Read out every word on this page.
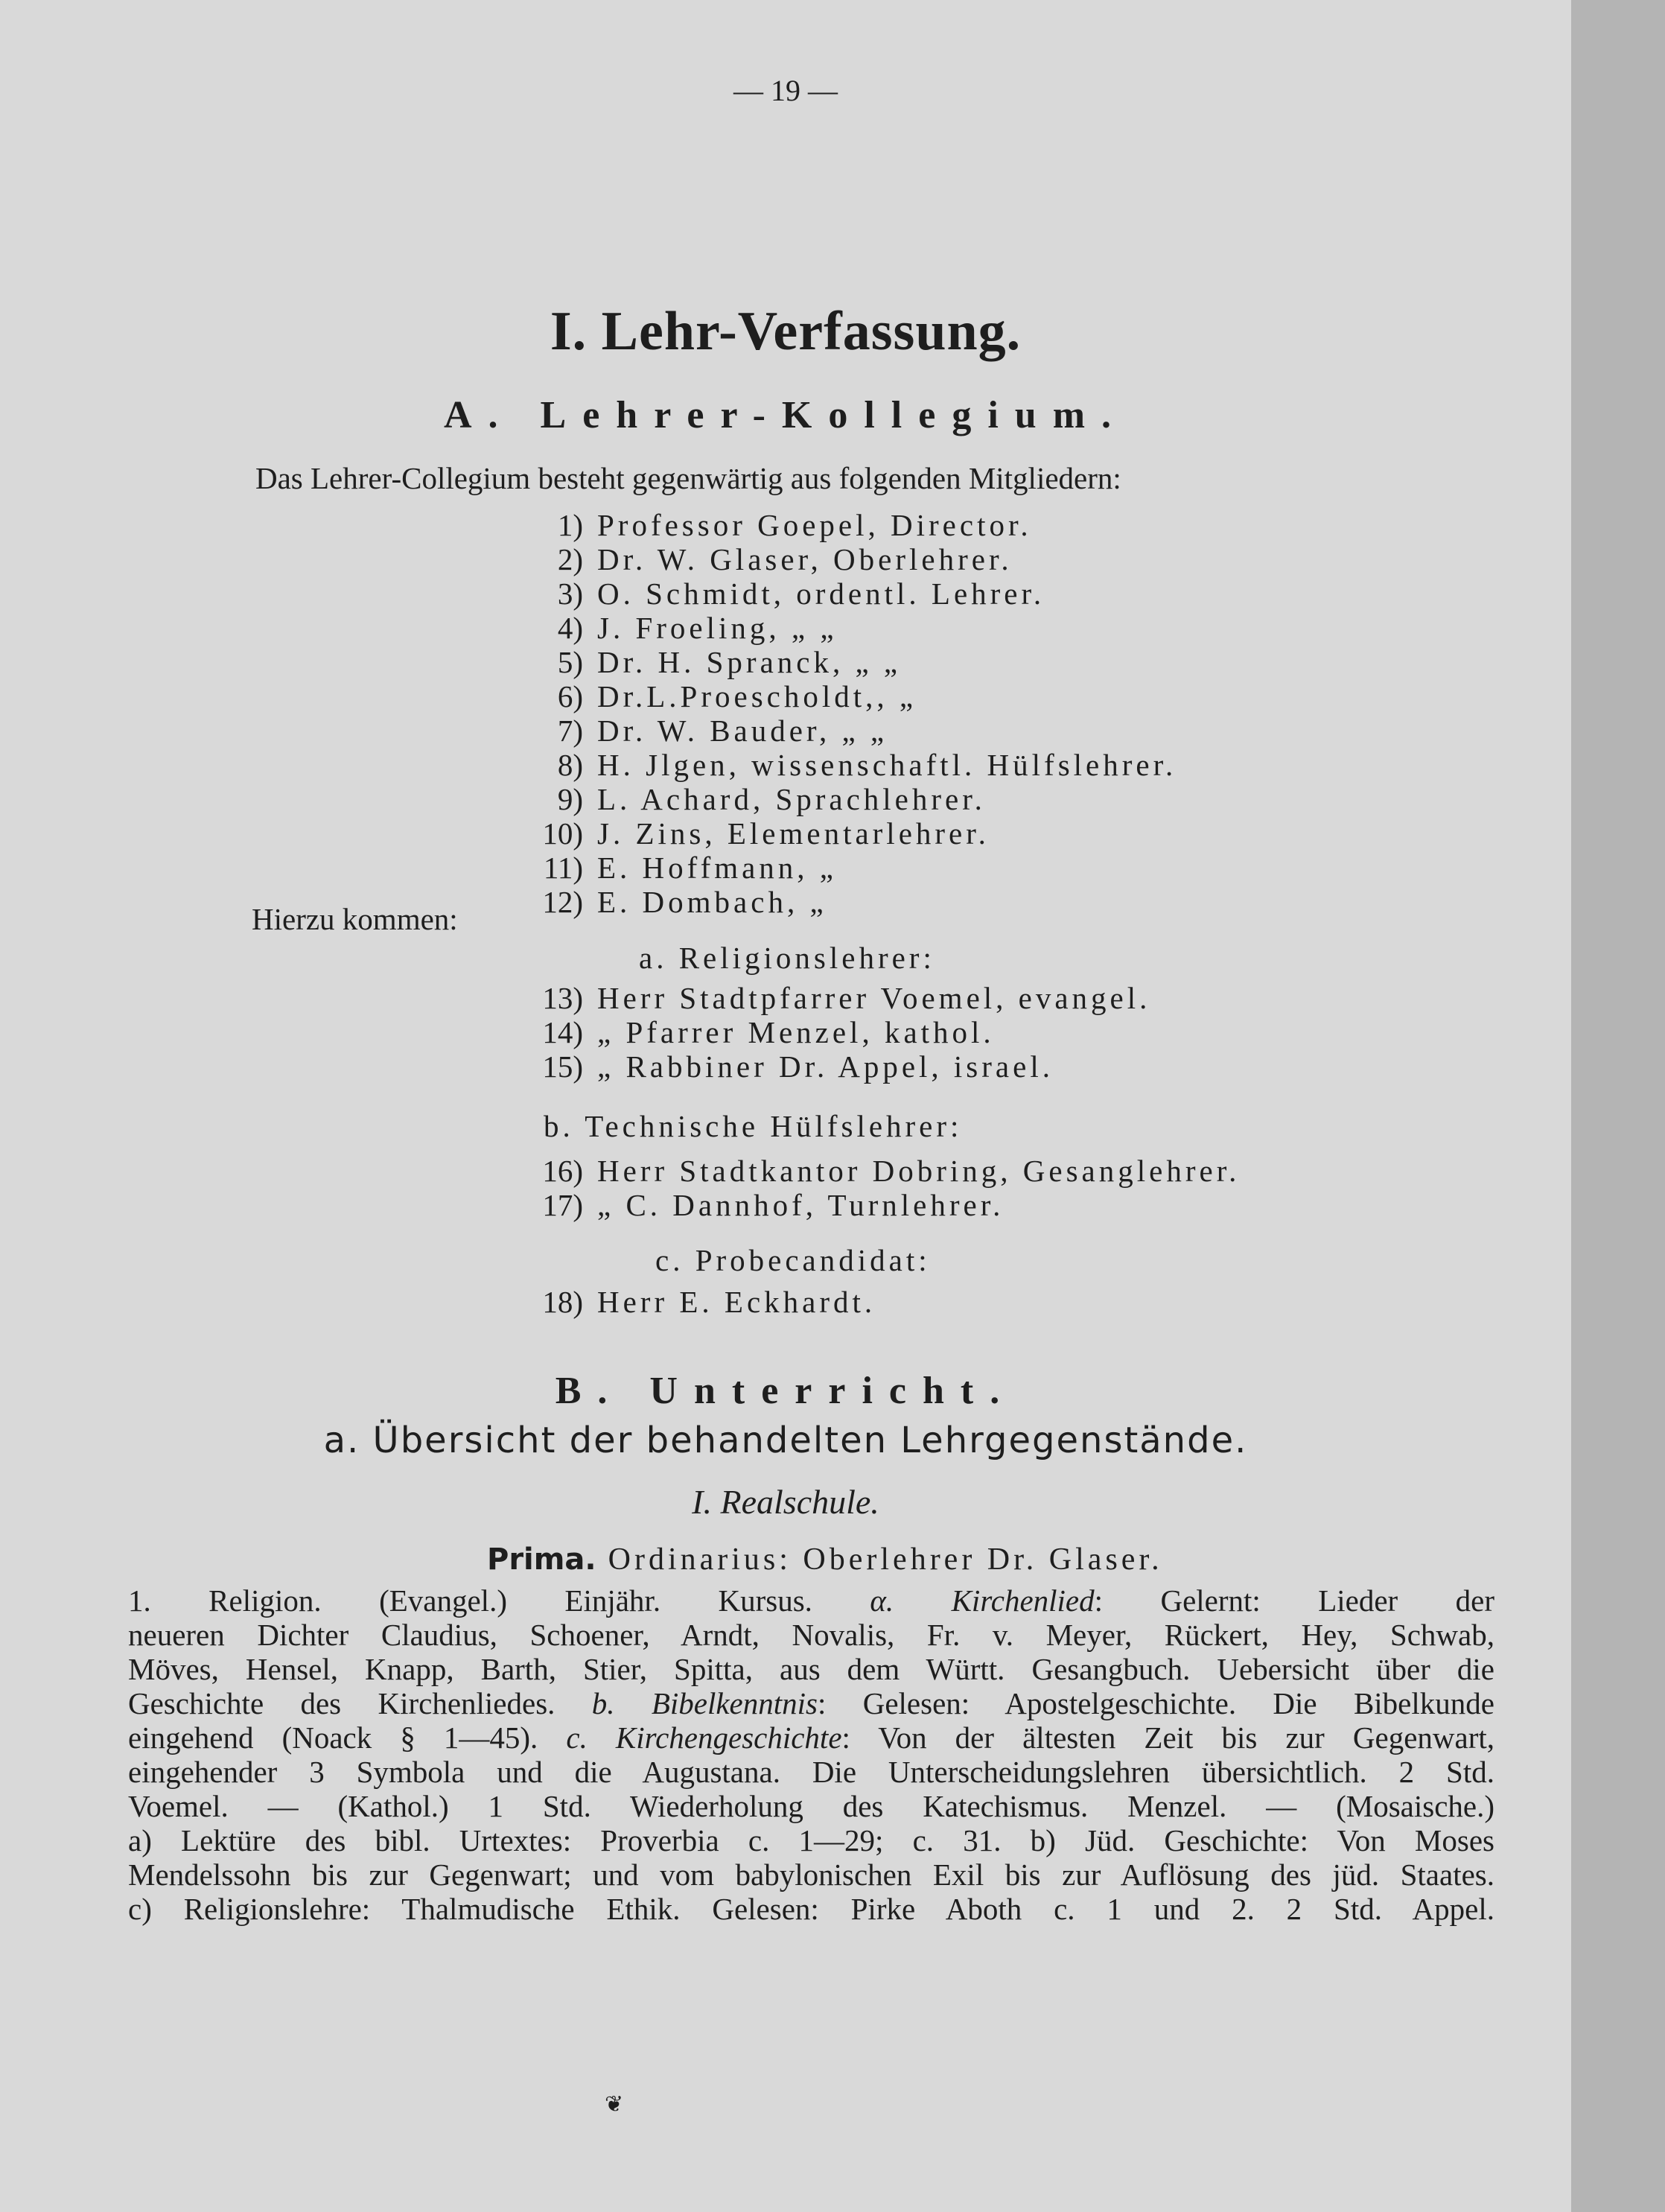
— 19 —
I. Lehr-Verfassung.
A. Lehrer-Kollegium.
Das Lehrer-Collegium besteht gegenwärtig aus folgenden Mitgliedern:
1) Professor Goepel, Director.
2) Dr. W. Glaser, Oberlehrer.
3) O. Schmidt, ordentl. Lehrer.
4) J. Froeling, „ „
5) Dr. H. Spranck, „ „
6) Dr.L.Proescholdt,, „
7) Dr. W. Bauder, „ „
8) H. Jlgen, wissenschaftl. Hülfslehrer.
9) L. Achard, Sprachlehrer.
10) J. Zins, Elementarlehrer.
11) E. Hoffmann, „
12) E. Dombach, „
Hierzu kommen:
a. Religionslehrer:
13) Herr Stadtpfarrer Voemel, evangel.
14) „ Pfarrer Menzel, kathol.
15) „ Rabbiner Dr. Appel, israel.
b. Technische Hülfslehrer:
16) Herr Stadtkantor Dobring, Gesanglehrer.
17) „ C. Dannhof, Turnlehrer.
c. Probecandidat:
18) Herr E. Eckhardt.
B. Unterricht.
a. Übersicht der behandelten Lehrgegenstände.
I. Realschule.
Prima. Ordinarius: Oberlehrer Dr. Glaser.
1. Religion. (Evangel.) Einjähr. Kursus. α. Kirchenlied: Gelernt: Lieder der
neueren Dichter Claudius, Schoener, Arndt, Novalis, Fr. v. Meyer, Rückert, Hey, Schwab,
Möves, Hensel, Knapp, Barth, Stier, Spitta, aus dem Württ. Gesangbuch. Uebersicht über die
Geschichte des Kirchenliedes. b. Bibelkenntnis: Gelesen: Apostelgeschichte. Die Bibelkunde
eingehend (Noack § 1—45). c. Kirchengeschichte: Von der ältesten Zeit bis zur Gegenwart,
eingehender 3 Symbola und die Augustana. Die Unterscheidungslehren übersichtlich. 2 Std.
Voemel. — (Kathol.) 1 Std. Wiederholung des Katechismus. Menzel. — (Mosaische.)
a) Lektüre des bibl. Urtextes: Proverbia c. 1—29; c. 31. b) Jüd. Geschichte: Von Moses
Mendelssohn bis zur Gegenwart; und vom babylonischen Exil bis zur Auflösung des jüd. Staates.
c) Religionslehre: Thalmudische Ethik. Gelesen: Pirke Aboth c. 1 und 2. 2 Std. Appel.
❦
